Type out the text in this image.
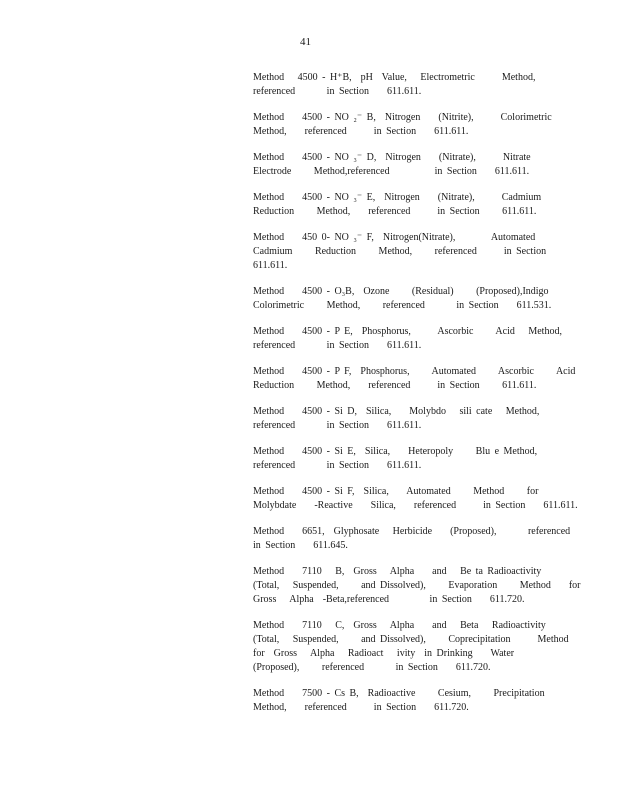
41
Method   4500 - H⁺B,  pH  Value,   Electrometric      Method,
referenced       in Section    611.611.
Method    4500 - NO ₂⁻ B,  Nitrogen    (Nitrite),      Colorimetric
Method,    referenced      in Section    611.611.
Method    4500 - NO ₃⁻ D,  Nitrogen    (Nitrate),      Nitrate
Electrode     Method,referenced          in Section    611.611.
Method    4500 - NO ₃⁻ E,  Nitrogen    (Nitrate),      Cadmium
Reduction     Method,    referenced      in Section     611.611.
Method    450 0- NO ₃⁻ F,  Nitrogen(Nitrate),        Automated
Cadmium     Reduction     Method,     referenced      in Section
611.611.
Method    4500 - O₃B,  Ozone     (Residual)     (Proposed),Indigo
Colorimetric     Method,     referenced       in Section    611.531.
Method    4500 - P E,  Phosphorus,      Ascorbic     Acid   Method,
referenced       in Section    611.611.
Method    4500 - P F,  Phosphorus,     Automated     Ascorbic     Acid
Reduction     Method,    referenced      in Section     611.611.
Method    4500 - Si D,  Silica,    Molybdo   sili cate   Method,
referenced       in Section    611.611.
Method    4500 - Si E,  Silica,    Heteropoly     Blu e Method,
referenced       in Section    611.611.
Method    4500 - Si F,  Silica,    Automated     Method     for
Molybdate    -Reactive    Silica,    referenced      in Section    611.611.
Method    6651,  Glyphosate   Herbicide    (Proposed),       referenced
in Section    611.645.
Method    7110   B,  Gross   Alpha    and   Be ta Radioactivity
(Total,   Suspended,     and Dissolved),     Evaporation     Method    for
Gross   Alpha  -Beta,referenced         in Section    611.720.
Method    7110   C,  Gross   Alpha    and   Beta   Radioactivity
(Total,   Suspended,     and Dissolved),     Coprecipitation      Method
for  Gross   Alpha   Radioact   ivity  in Drinking    Water
(Proposed),     referenced       in Section    611.720.
Method    7500 - Cs B,  Radioactive     Cesium,     Precipitation
Method,    referenced      in Section    611.720.
